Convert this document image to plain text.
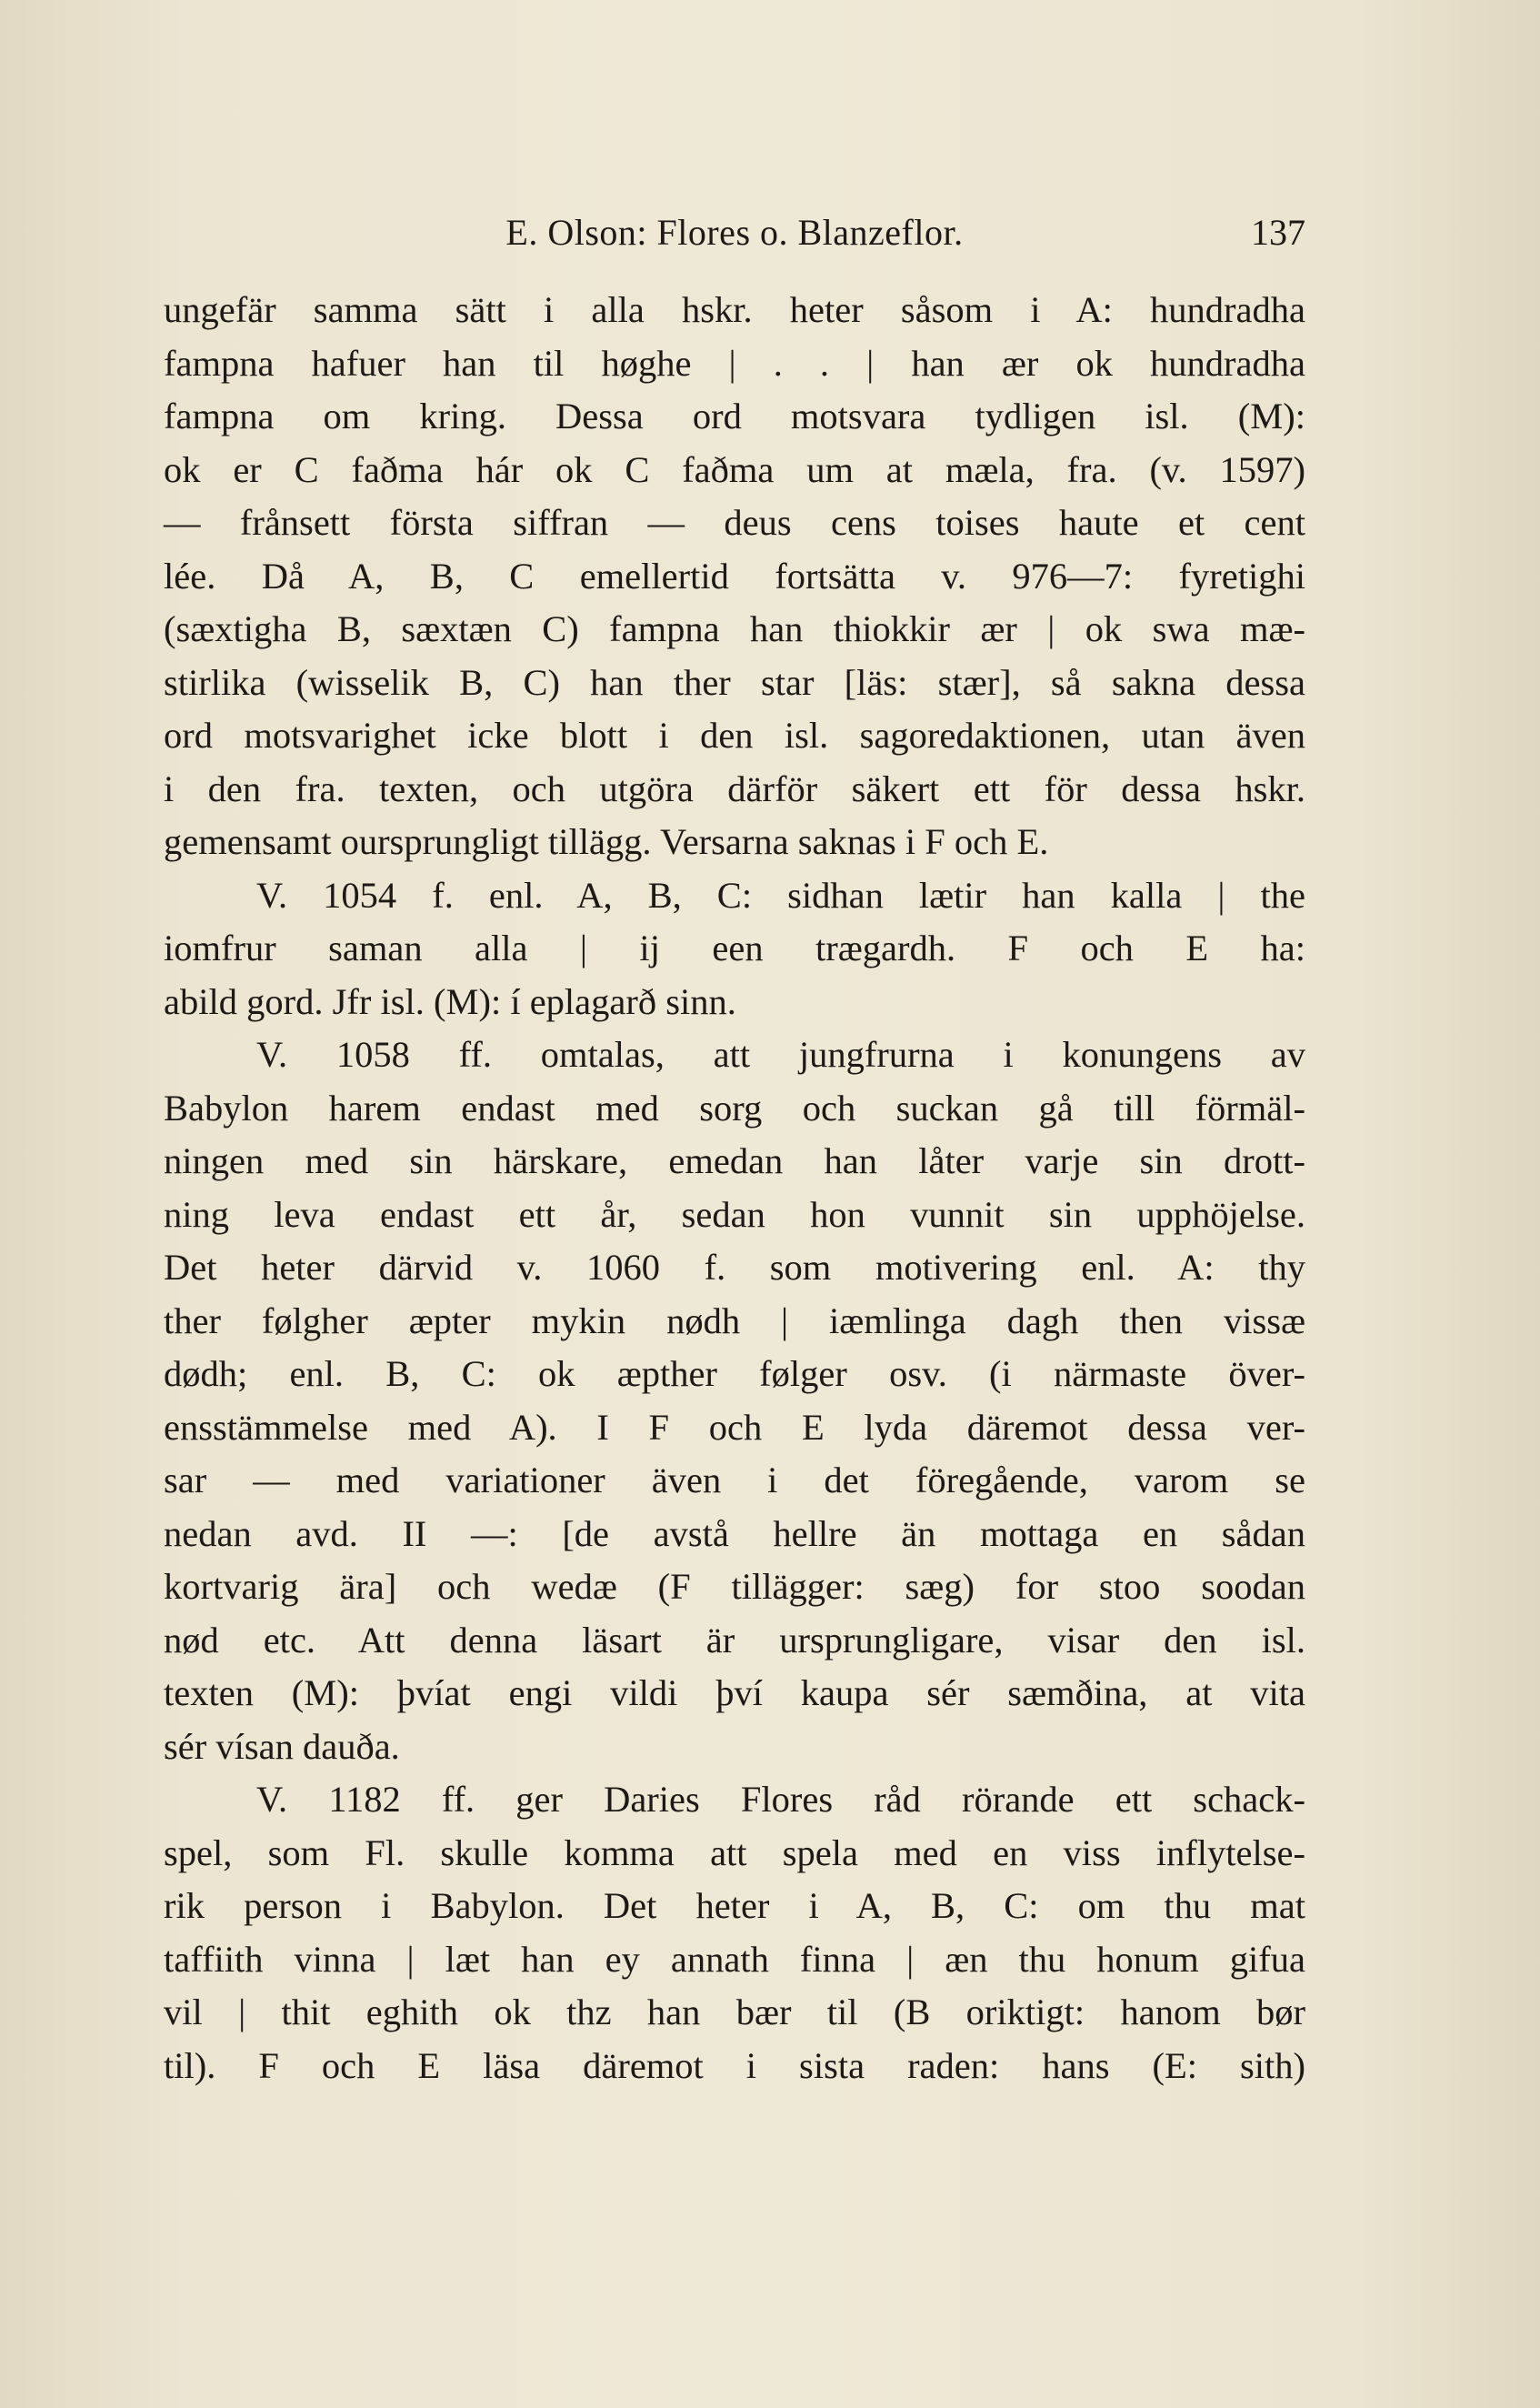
E. Olson: Flores o. Blanzeflor.	137
ungefär samma sätt i alla hskr. heter såsom i A: hundradha
fampna hafuer han til høghe | . . | han ær ok hundradha
fampna om kring. Dessa ord motsvara tydligen isl. (M):
ok er C faðma hár ok C faðma um at mæla, fra. (v. 1597)
— frånsett första siffran — deus cens toises haute et cent
lée. Då A, B, C emellertid fortsätta v. 976—7: fyretighi
(sæxtigha B, sæxtæn C) fampna han thiokkir ær | ok swa mæ-
stirlika (wisselik B, C) han ther star [läs: stær], så sakna dessa
ord motsvarighet icke blott i den isl. sagoredaktionen, utan även
i den fra. texten, och utgöra därför säkert ett för dessa hskr.
gemensamt oursprungligt tillägg. Versarna saknas i F och E.
V. 1054 f. enl. A, B, C: sidhan lætir han kalla | the
iomfrur saman alla | ij een trægardh. F och E ha:
abild gord. Jfr isl. (M): í eplagarð sinn.
V. 1058 ff. omtalas, att jungfrurna i konungens av
Babylon harem endast med sorg och suckan gå till förmäl-
ningen med sin härskare, emedan han låter varje sin drott-
ning leva endast ett år, sedan hon vunnit sin upphöjelse.
Det heter därvid v. 1060 f. som motivering enl. A: thy
ther følgher æpter mykin nødh | iæmlinga dagh then vissæ
dødh; enl. B, C: ok æpther følger osv. (i närmaste över-
ensstämmelse med A). I F och E lyda däremot dessa ver-
sar — med variationer även i det föregående, varom se
nedan avd. II —: [de avstå hellre än mottaga en sådan
kortvarig ära] och wedæ (F tillägger: sæg) for stoo soodan
nød etc. Att denna läsart är ursprungligare, visar den isl.
texten (M): þvíat engi vildi því kaupa sér sæmðina, at vita
sér vísan dauða.
V. 1182 ff. ger Daries Flores råd rörande ett schack-
spel, som Fl. skulle komma att spela med en viss inflytelse-
rik person i Babylon. Det heter i A, B, C: om thu mat
taffiith vinna | læt han ey annath finna | æn thu honum gifua
vil | thit eghith ok thz han bær til (B oriktigt: hanom bør
til). F och E läsa däremot i sista raden: hans (E: sith)
